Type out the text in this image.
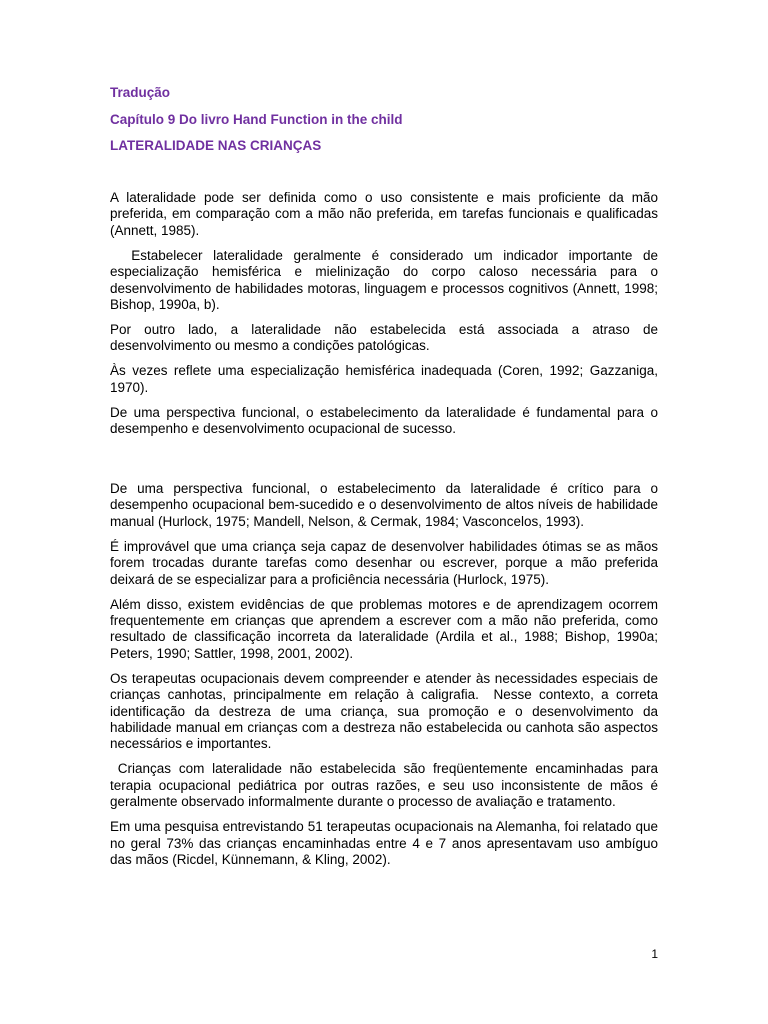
Tradução
Capítulo 9 Do livro Hand Function in the child
LATERALIDADE NAS CRIANÇAS

A lateralidade pode ser definida como o uso consistente e mais proficiente da mão preferida, em comparação com a mão não preferida, em tarefas funcionais e qualificadas (Annett, 1985).

Estabelecer lateralidade geralmente é considerado um indicador importante de especialização hemisférica e mielinização do corpo caloso necessária para o desenvolvimento de habilidades motoras, linguagem e processos cognitivos (Annett, 1998; Bishop, 1990a, b).

Por outro lado, a lateralidade não estabelecida está associada a atraso de desenvolvimento ou mesmo a condições patológicas.

Às vezes reflete uma especialização hemisférica inadequada (Coren, 1992; Gazzaniga, 1970).

De uma perspectiva funcional, o estabelecimento da lateralidade é fundamental para o desempenho e desenvolvimento ocupacional de sucesso.

De uma perspectiva funcional, o estabelecimento da lateralidade é crítico para o desempenho ocupacional bem-sucedido e o desenvolvimento de altos níveis de habilidade manual (Hurlock, 1975; Mandell, Nelson, & Cermak, 1984; Vasconcelos, 1993).

É improvável que uma criança seja capaz de desenvolver habilidades ótimas se as mãos forem trocadas durante tarefas como desenhar ou escrever, porque a mão preferida deixará de se especializar para a proficiência necessária (Hurlock, 1975).

Além disso, existem evidências de que problemas motores e de aprendizagem ocorrem frequentemente em crianças que aprendem a escrever com a mão não preferida, como resultado de classificação incorreta da lateralidade (Ardila et al., 1988; Bishop, 1990a; Peters, 1990; Sattler, 1998, 2001, 2002).

Os terapeutas ocupacionais devem compreender e atender às necessidades especiais de crianças canhotas, principalmente em relação à caligrafia.  Nesse contexto, a correta identificação da destreza de uma criança, sua promoção e o desenvolvimento da habilidade manual em crianças com a destreza não estabelecida ou canhota são aspectos necessários e importantes.

Crianças com lateralidade não estabelecida são freqüentemente encaminhadas para terapia ocupacional pediátrica por outras razões, e seu uso inconsistente de mãos é geralmente observado informalmente durante o processo de avaliação e tratamento.

Em uma pesquisa entrevistando 51 terapeutas ocupacionais na Alemanha, foi relatado que no geral 73% das crianças encaminhadas entre 4 e 7 anos apresentavam uso ambíguo das mãos (Ricdel, Künnemann, & Kling, 2002).

1
